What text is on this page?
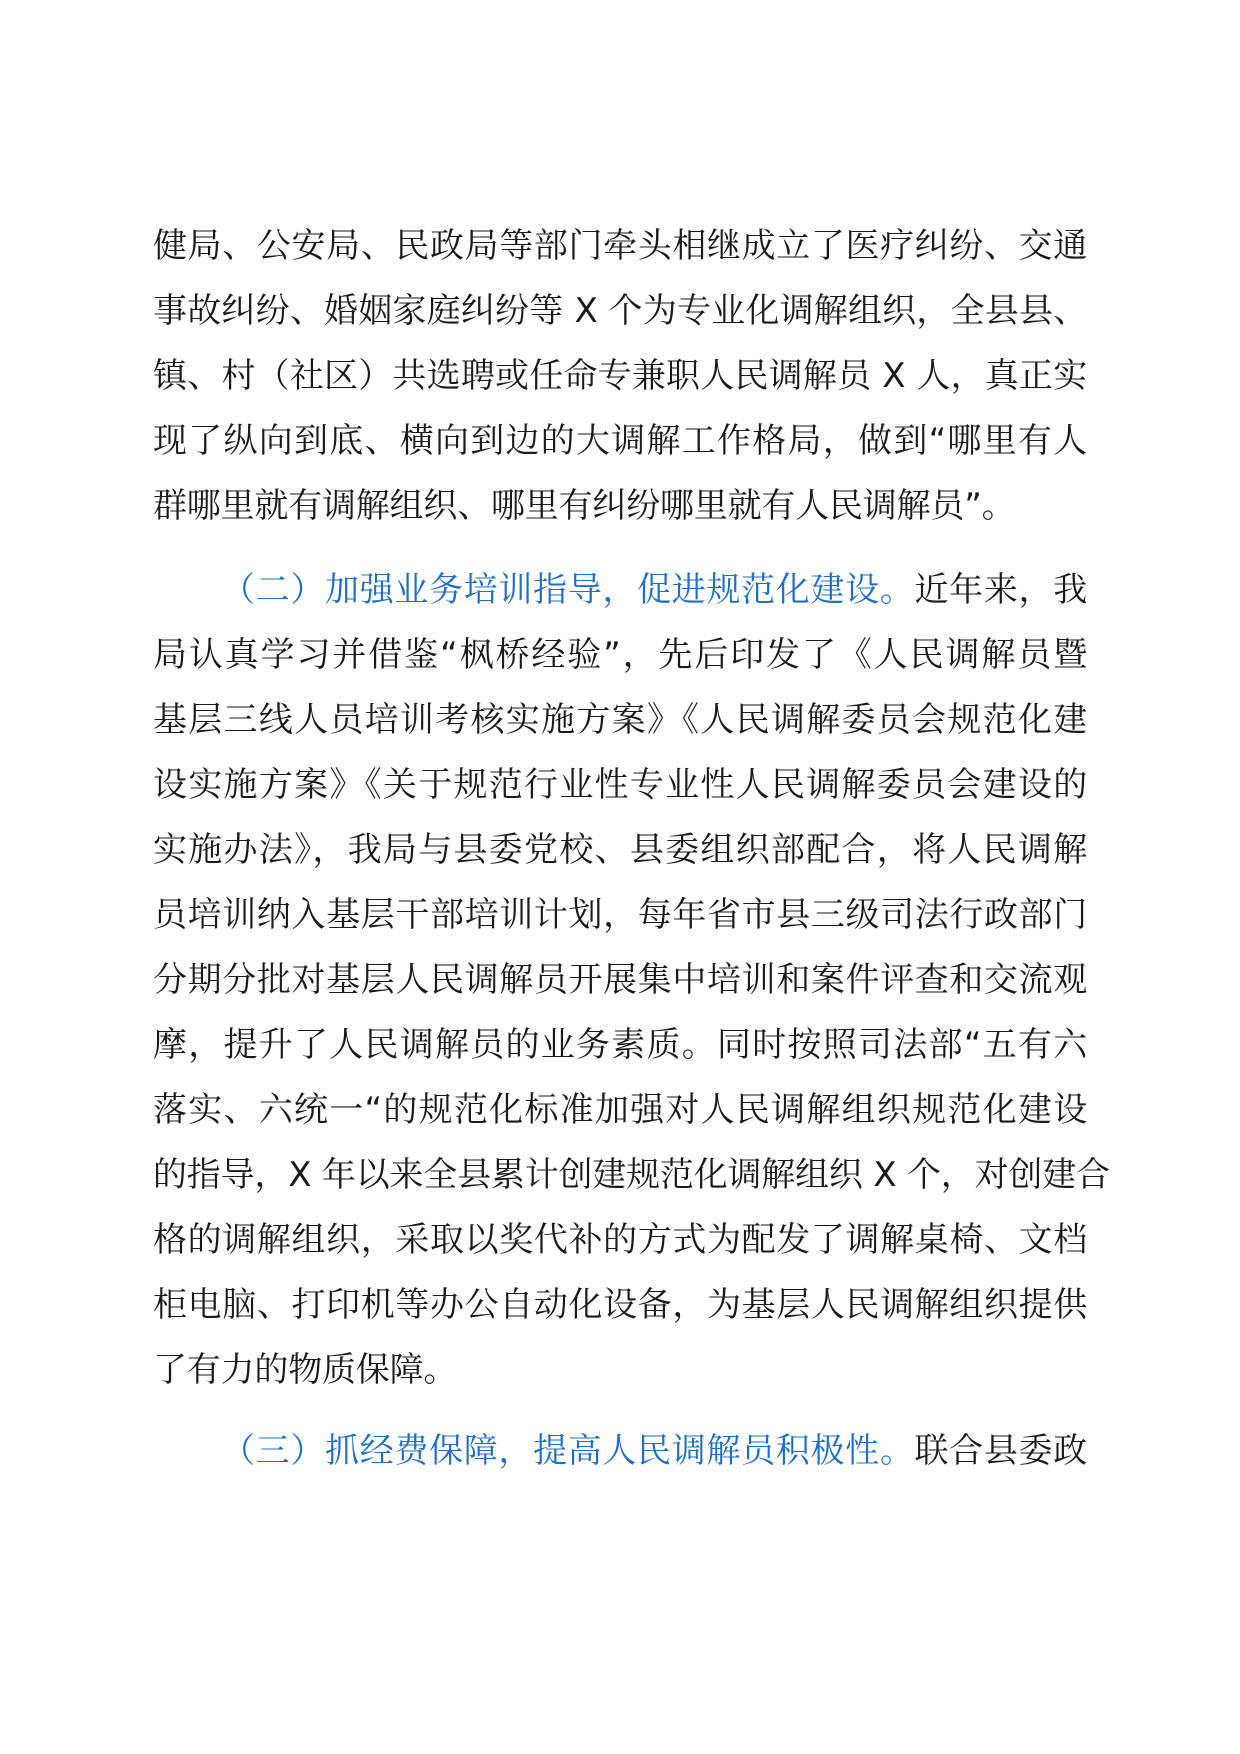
健局、公安局、民政局等部门牵头相继成立了医疗纠纷、交通
事故纠纷、婚姻家庭纠纷等 X 个为专业化调解组织，全县县、
镇、村（社区）共选聘或任命专兼职人民调解员 X 人，真正实
现了纵向到底、横向到边的大调解工作格局，做到“哪里有人
群哪里就有调解组织、哪里有纠纷哪里就有人民调解员”。
（二）加强业务培训指导，促进规范化建设。近年来，我
局认真学习并借鉴“枫桥经验”，先后印发了《人民调解员暨
基层三线人员培训考核实施方案》《人民调解委员会规范化建
设实施方案》《关于规范行业性专业性人民调解委员会建设的
实施办法》，我局与县委党校、县委组织部配合，将人民调解
员培训纳入基层干部培训计划，每年省市县三级司法行政部门
分期分批对基层人民调解员开展集中培训和案件评查和交流观
摩，提升了人民调解员的业务素质。同时按照司法部“五有六
落实、六统一“的规范化标准加强对人民调解组织规范化建设
的指导，X 年以来全县累计创建规范化调解组织 X 个，对创建合
格的调解组织，采取以奖代补的方式为配发了调解桌椅、文档
柜电脑、打印机等办公自动化设备，为基层人民调解组织提供
了有力的物质保障。
（三）抓经费保障，提高人民调解员积极性。联合县委政
